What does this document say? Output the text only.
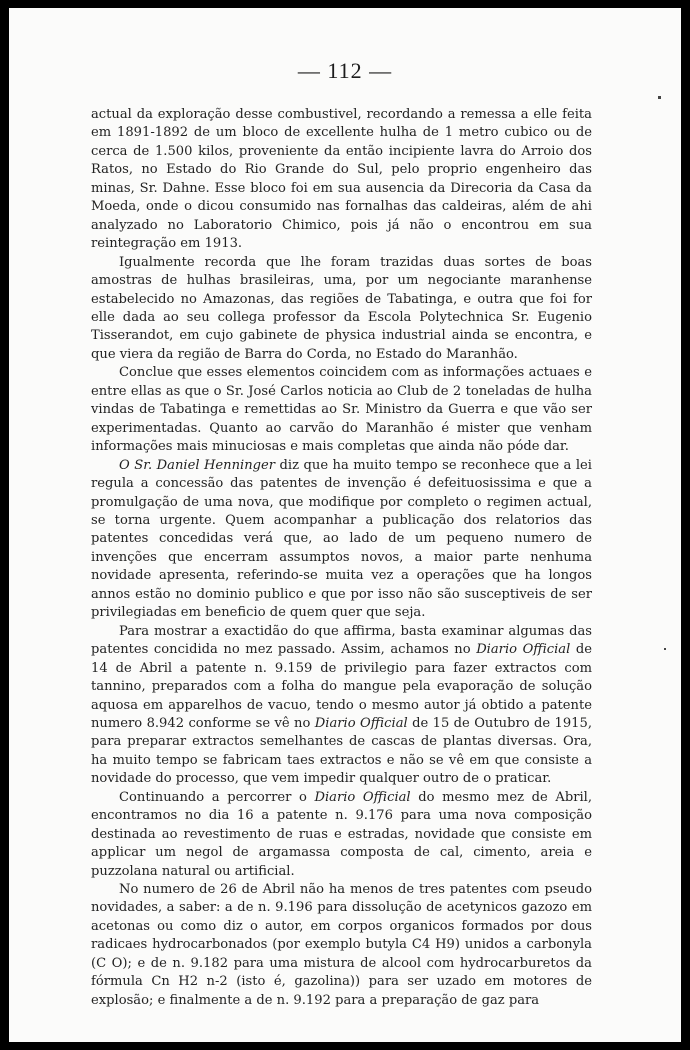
— 112 —

actual da exploração desse combustivel, recordando a remessa a elle feita em 1891-1892 de um bloco de excellente hulha de 1 metro cubico ou de cerca de 1.500 kilos, proveniente da então incipiente lavra do Arroio dos Ratos, no Estado do Rio Grande do Sul, pelo proprio engenheiro das minas, Sr. Dahne. Esse bloco foi em sua ausencia da Direcoria da Casa da Moeda, onde o dicou consumido nas fornalhas das caldeiras, além de ahi analyzado no Laboratorio Chimico, pois já não o encontrou em sua reintegração em 1913.

Igualmente recorda que lhe foram trazidas duas sortes de boas amostras de hulhas brasileiras, uma, por um negociante maranhense estabelecido no Amazonas, das regiões de Tabatinga, e outra que foi for elle dada ao seu collega professor da Escola Polytechnica Sr. Eugenio Tisserandot, em cujo gabinete de physica industrial ainda se encontra, e que viera da região de Barra do Corda, no Estado do Maranhão.

Conclue que esses elementos coincidem com as informações actuaes e entre ellas as que o Sr. José Carlos noticia ao Club de 2 toneladas de hulha vindas de Tabatinga e remettidas ao Sr. Ministro da Guerra e que vão ser experimentadas. Quanto ao carvão do Maranhão é mister que venham informações mais minuciosas e mais completas que ainda não póde dar.

O Sr. Daniel Henninger diz que ha muito tempo se reconhece que a lei regula a concessão das patentes de invenção é defeituosissima e que a promulgação de uma nova, que modifique por completo o regimen actual, se torna urgente. Quem acompanhar a publicação dos relatorios das patentes concedidas verá que, ao lado de um pequeno numero de invenções que encerram assumptos novos, a maior parte nenhuma novidade apresenta, referindo-se muita vez a operações que ha longos annos estão no dominio publico e que por isso não são susceptiveis de ser privilegiadas em beneficio de quem quer que seja.

Para mostrar a exactidão do que affirma, basta examinar algumas das patentes concidida no mez passado. Assim, achamos no Diario Official de 14 de Abril a patente n. 9.159 de privilegio para fazer extractos com tannino, preparados com a folha do mangue pela evaporação de solução aquosa em apparelhos de vacuo, tendo o mesmo autor já obtido a patente numero 8.942 conforme se vê no Diario Official de 15 de Outubro de 1915, para preparar extractos semelhantes de cascas de plantas diversas. Ora, ha muito tempo se fabricam taes extractos e não se vê em que consiste a novidade do processo, que vem impedir qualquer outro de o praticar.

Continuando a percorrer o Diario Official do mesmo mez de Abril, encontramos no dia 16 a patente n. 9.176 para uma nova composição destinada ao revestimento de ruas e estradas, novidade que consiste em applicar um negol de argamassa composta de cal, cimento, areia e puzzolana natural ou artificial.

No numero de 26 de Abril não ha menos de tres patentes com pseudo novidades, a saber: a de n. 9.196 para dissolução de acetynicos gazozo em acetonas ou como diz o autor, em corpos organicos formados por dous radicaes hydrocarbonados (por exemplo butyla C4 H9) unidos a carbonyla (C O); e de n. 9.182 para uma mistura de alcool com hydrocarburetos da fórmula Cn H2 n-2 (isto é, gazolina)) para ser uzado em motores de explosão; e finalmente a de n. 9.192 para a preparação de gaz para
